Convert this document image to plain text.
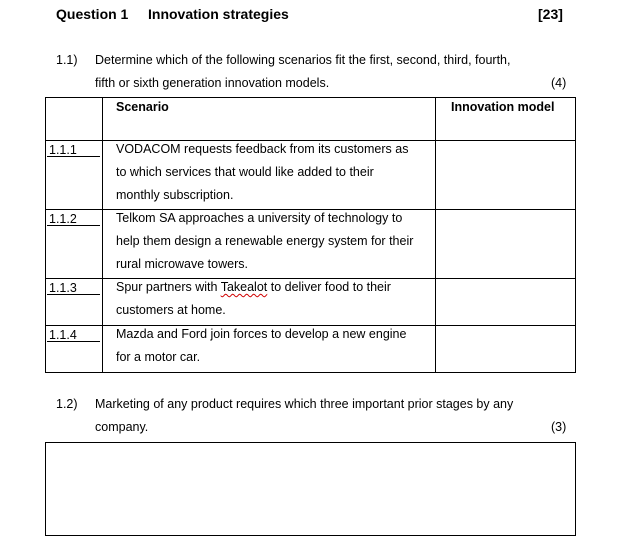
Question 1 Innovation strategies	[23]
1.1) Determine which of the following scenarios fit the first, second, third, fourth,
fifth or sixth generation innovation models.	(4)
Scenario	Innovation model
1.1.1	VODACOM requests feedback from its customers as
to which services that would like added to their
monthly subscription.
1.1.2	Telkom SA approaches a university of technology to
help them design a renewable energy system for their
rural microwave towers.
1.1.3	Spur partners with Takealot to deliver food to their
customers at home.
1.1.4	Mazda and Ford join forces to develop a new engine
for a motor car.
1.2) Marketing of any product requires which three important prior stages by any
company.	(3)
